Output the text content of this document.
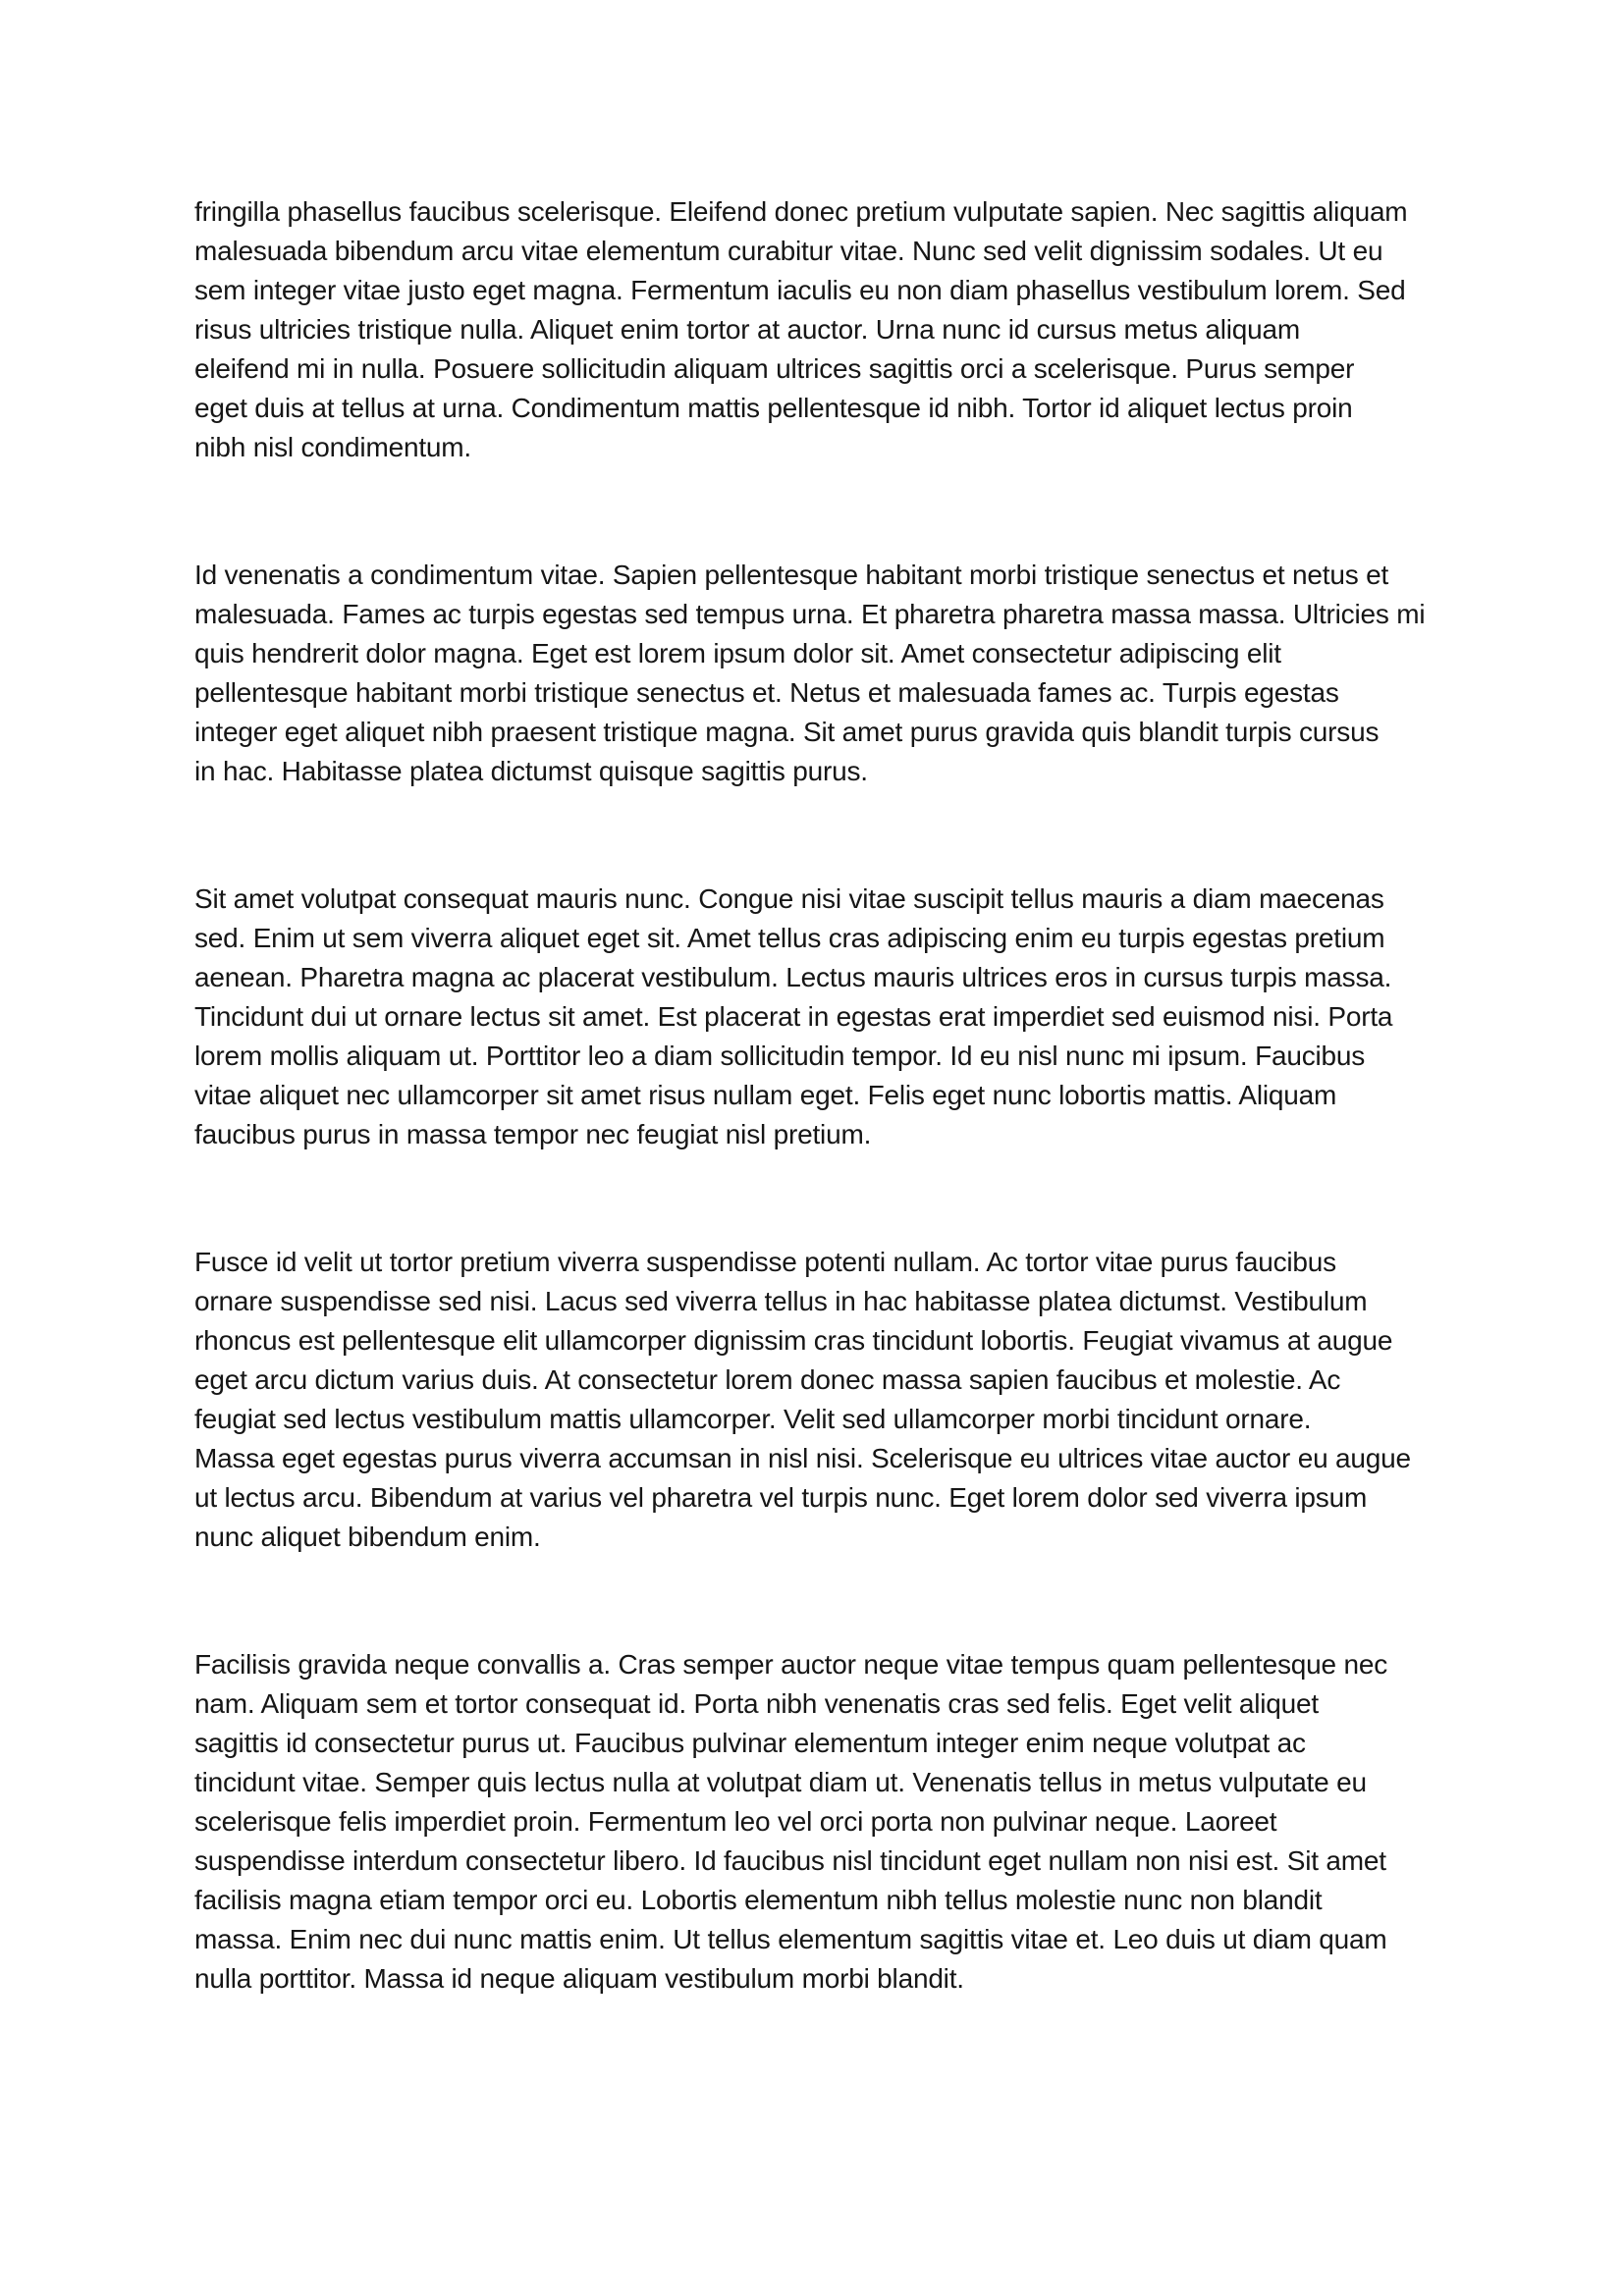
fringilla phasellus faucibus scelerisque. Eleifend donec pretium vulputate sapien. Nec sagittis aliquam
malesuada bibendum arcu vitae elementum curabitur vitae. Nunc sed velit dignissim sodales. Ut eu
sem integer vitae justo eget magna. Fermentum iaculis eu non diam phasellus vestibulum lorem. Sed
risus ultricies tristique nulla. Aliquet enim tortor at auctor. Urna nunc id cursus metus aliquam
eleifend mi in nulla. Posuere sollicitudin aliquam ultrices sagittis orci a scelerisque. Purus semper
eget duis at tellus at urna. Condimentum mattis pellentesque id nibh. Tortor id aliquet lectus proin
nibh nisl condimentum.
Id venenatis a condimentum vitae. Sapien pellentesque habitant morbi tristique senectus et netus et
malesuada. Fames ac turpis egestas sed tempus urna. Et pharetra pharetra massa massa. Ultricies mi
quis hendrerit dolor magna. Eget est lorem ipsum dolor sit. Amet consectetur adipiscing elit
pellentesque habitant morbi tristique senectus et. Netus et malesuada fames ac. Turpis egestas
integer eget aliquet nibh praesent tristique magna. Sit amet purus gravida quis blandit turpis cursus
in hac. Habitasse platea dictumst quisque sagittis purus.
Sit amet volutpat consequat mauris nunc. Congue nisi vitae suscipit tellus mauris a diam maecenas
sed. Enim ut sem viverra aliquet eget sit. Amet tellus cras adipiscing enim eu turpis egestas pretium
aenean. Pharetra magna ac placerat vestibulum. Lectus mauris ultrices eros in cursus turpis massa.
Tincidunt dui ut ornare lectus sit amet. Est placerat in egestas erat imperdiet sed euismod nisi. Porta
lorem mollis aliquam ut. Porttitor leo a diam sollicitudin tempor. Id eu nisl nunc mi ipsum. Faucibus
vitae aliquet nec ullamcorper sit amet risus nullam eget. Felis eget nunc lobortis mattis. Aliquam
faucibus purus in massa tempor nec feugiat nisl pretium.
Fusce id velit ut tortor pretium viverra suspendisse potenti nullam. Ac tortor vitae purus faucibus
ornare suspendisse sed nisi. Lacus sed viverra tellus in hac habitasse platea dictumst. Vestibulum
rhoncus est pellentesque elit ullamcorper dignissim cras tincidunt lobortis. Feugiat vivamus at augue
eget arcu dictum varius duis. At consectetur lorem donec massa sapien faucibus et molestie. Ac
feugiat sed lectus vestibulum mattis ullamcorper. Velit sed ullamcorper morbi tincidunt ornare.
Massa eget egestas purus viverra accumsan in nisl nisi. Scelerisque eu ultrices vitae auctor eu augue
ut lectus arcu. Bibendum at varius vel pharetra vel turpis nunc. Eget lorem dolor sed viverra ipsum
nunc aliquet bibendum enim.
Facilisis gravida neque convallis a. Cras semper auctor neque vitae tempus quam pellentesque nec
nam. Aliquam sem et tortor consequat id. Porta nibh venenatis cras sed felis. Eget velit aliquet
sagittis id consectetur purus ut. Faucibus pulvinar elementum integer enim neque volutpat ac
tincidunt vitae. Semper quis lectus nulla at volutpat diam ut. Venenatis tellus in metus vulputate eu
scelerisque felis imperdiet proin. Fermentum leo vel orci porta non pulvinar neque. Laoreet
suspendisse interdum consectetur libero. Id faucibus nisl tincidunt eget nullam non nisi est. Sit amet
facilisis magna etiam tempor orci eu. Lobortis elementum nibh tellus molestie nunc non blandit
massa. Enim nec dui nunc mattis enim. Ut tellus elementum sagittis vitae et. Leo duis ut diam quam
nulla porttitor. Massa id neque aliquam vestibulum morbi blandit.
